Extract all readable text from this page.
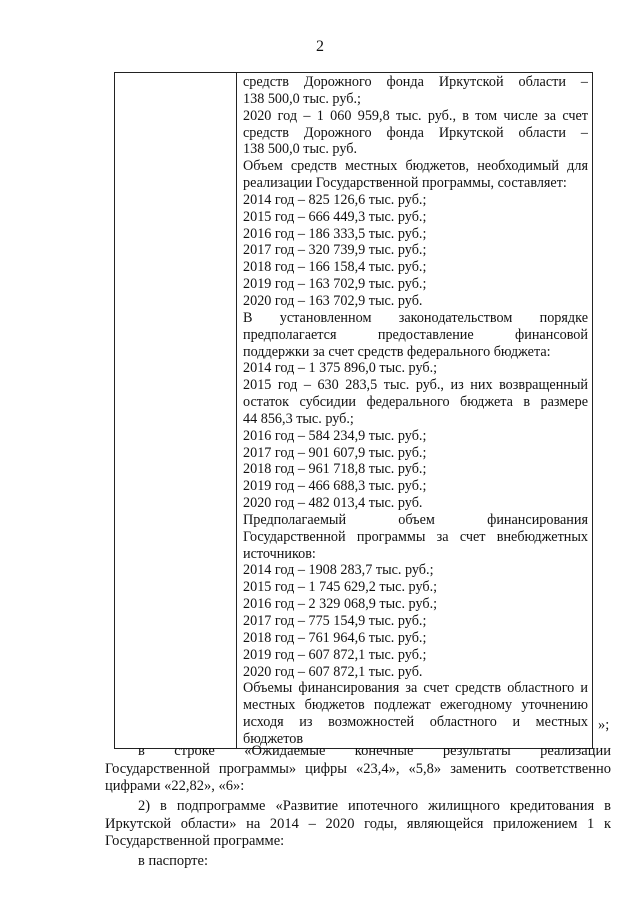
2

средств Дорожного фонда Иркутской области –
138 500,0 тыс. руб.;
2020 год – 1 060 959,8 тыс. руб., в том числе за счет
средств Дорожного фонда Иркутской области –
138 500,0 тыс. руб.
Объем средств местных бюджетов, необходимый для
реализации Государственной программы, составляет:
2014 год – 825 126,6 тыс. руб.;
2015 год – 666 449,3 тыс. руб.;
2016 год – 186 333,5 тыс. руб.;
2017 год – 320 739,9 тыс. руб.;
2018 год – 166 158,4 тыс. руб.;
2019 год – 163 702,9 тыс. руб.;
2020 год – 163 702,9 тыс. руб.
В установленном законодательством порядке
предполагается предоставление финансовой
поддержки за счет средств федерального бюджета:
2014 год – 1 375 896,0 тыс. руб.;
2015 год – 630 283,5 тыс. руб., из них возвращенный
остаток субсидии федерального бюджета в размере
44 856,3 тыс. руб.;
2016 год – 584 234,9 тыс. руб.;
2017 год – 901 607,9 тыс. руб.;
2018 год – 961 718,8 тыс. руб.;
2019 год – 466 688,3 тыс. руб.;
2020 год – 482 013,4 тыс. руб.
Предполагаемый объем финансирования
Государственной программы за счет внебюджетных
источников:
2014 год – 1908 283,7 тыс. руб.;
2015 год – 1 745 629,2 тыс. руб.;
2016 год – 2 329 068,9 тыс. руб.;
2017 год – 775 154,9 тыс. руб.;
2018 год – 761 964,6 тыс. руб.;
2019 год – 607 872,1 тыс. руб.;
2020 год – 607 872,1 тыс. руб.
Объемы финансирования за счет средств областного и
местных бюджетов подлежат ежегодному уточнению
исходя из возможностей областного и местных
бюджетов
»;
в строке «Ожидаемые конечные результаты реализации
Государственной программы» цифры «23,4», «5,8» заменить соответственно
цифрами «22,82», «6»:
2) в подпрограмме «Развитие ипотечного жилищного кредитования в
Иркутской области» на 2014 – 2020 годы, являющейся приложением 1 к
Государственной программе:
в паспорте:
